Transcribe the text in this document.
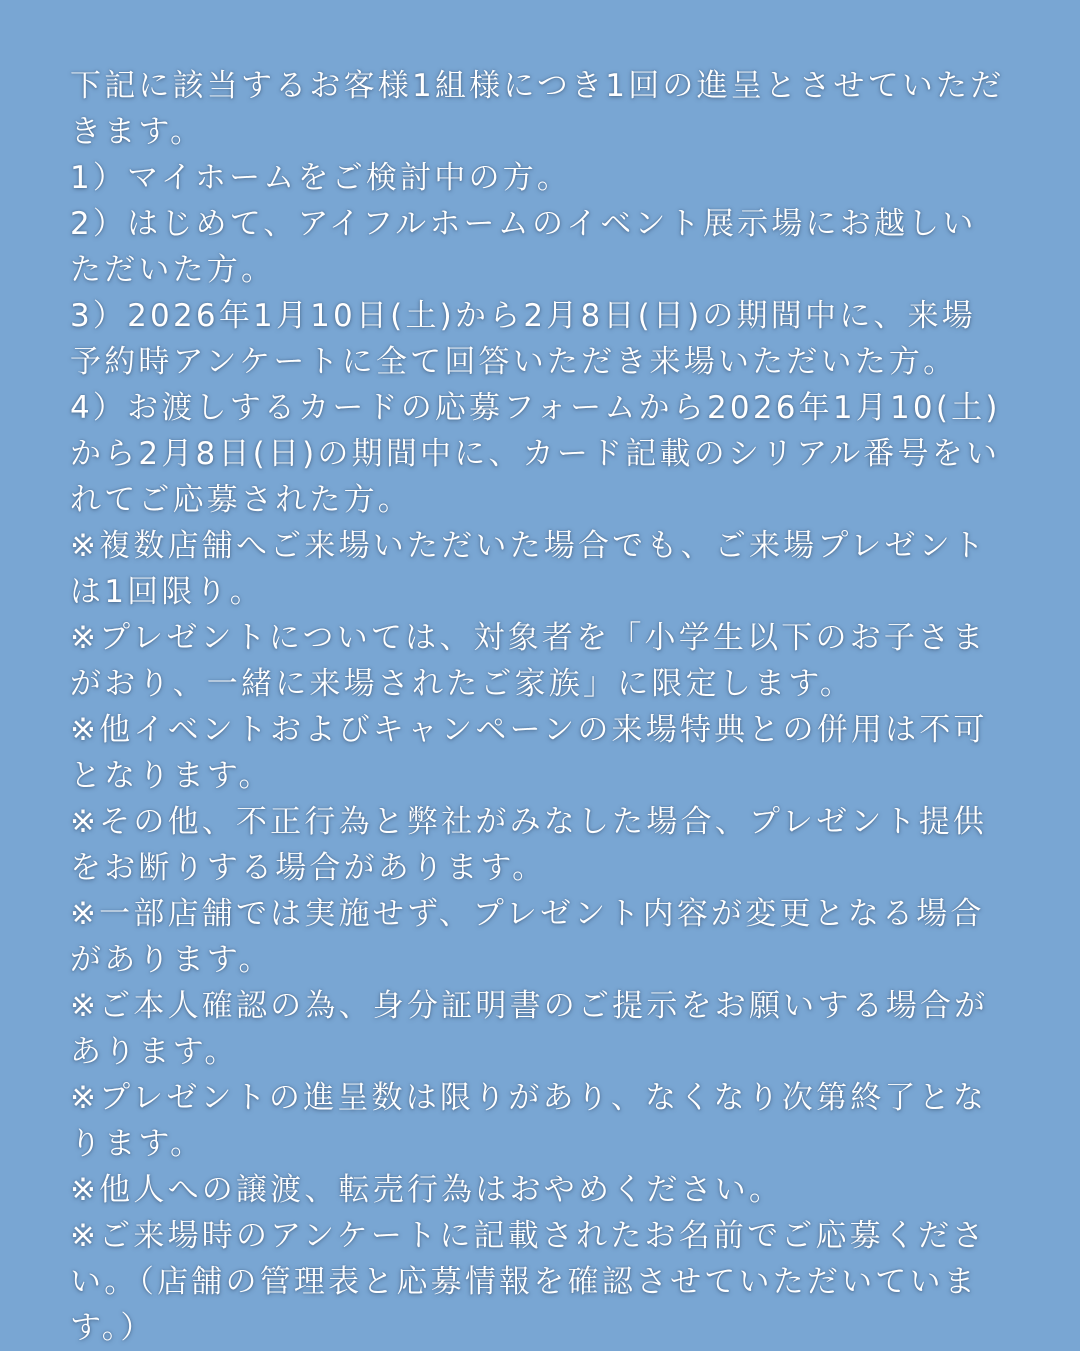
下記に該当するお客様1組様につき1回の進呈とさせていただきます。
1）マイホームをご検討中の方。
2）はじめて、アイフルホームのイベント展示場にお越しいただいた方。
3）2026年1月10日(土)から2月8日(日)の期間中に、来場予約時アンケートに全て回答いただき来場いただいた方。
4）お渡しするカードの応募フォームから2026年1月10(土)から2月8日(日)の期間中に、カード記載のシリアル番号をいれてご応募された方。
※複数店舗へご来場いただいた場合でも、ご来場プレゼントは1回限り。
※プレゼントについては、対象者を「小学生以下のお子さまがおり、一緒に来場されたご家族」に限定します。
※他イベントおよびキャンペーンの来場特典との併用は不可となります。
※その他、不正行為と弊社がみなした場合、プレゼント提供をお断りする場合があります。
※一部店舗では実施せず、プレゼント内容が変更となる場合があります。
※ご本人確認の為、身分証明書のご提示をお願いする場合があります。
※プレゼントの進呈数は限りがあり、なくなり次第終了となります。
※他人への譲渡、転売行為はおやめください。
※ご来場時のアンケートに記載されたお名前でご応募ください。（店舗の管理表と応募情報を確認させていただいています。）
